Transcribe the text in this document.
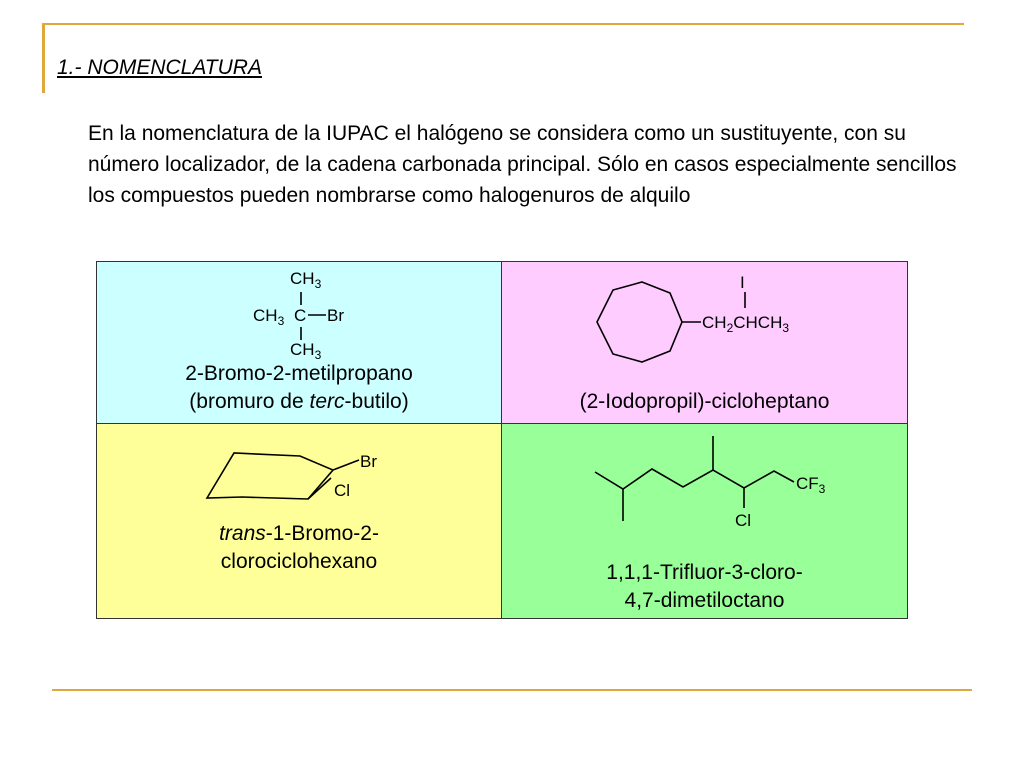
1.- NOMENCLATURA
En la nomenclatura de la IUPAC el halógeno se considera como un sustituyente, con su número localizador, de la cadena carbonada principal. Sólo en casos especialmente sencillos los compuestos pueden nombrarse como halogenuros de alquilo
$CH_3$
$CH_3$ C Br
$CH_3$
2-Bromo-2-metilpropano
(bromuro de terc-butilo)
$CH_2CHCH_3$
I
(2-Iodopropil)-cicloheptano
Br
Cl
trans-1-Bromo-2-
clorociclohexano
Cl
$CF_3$
1,1,1-Trifluor-3-cloro-
4,7-dimetiloctano
